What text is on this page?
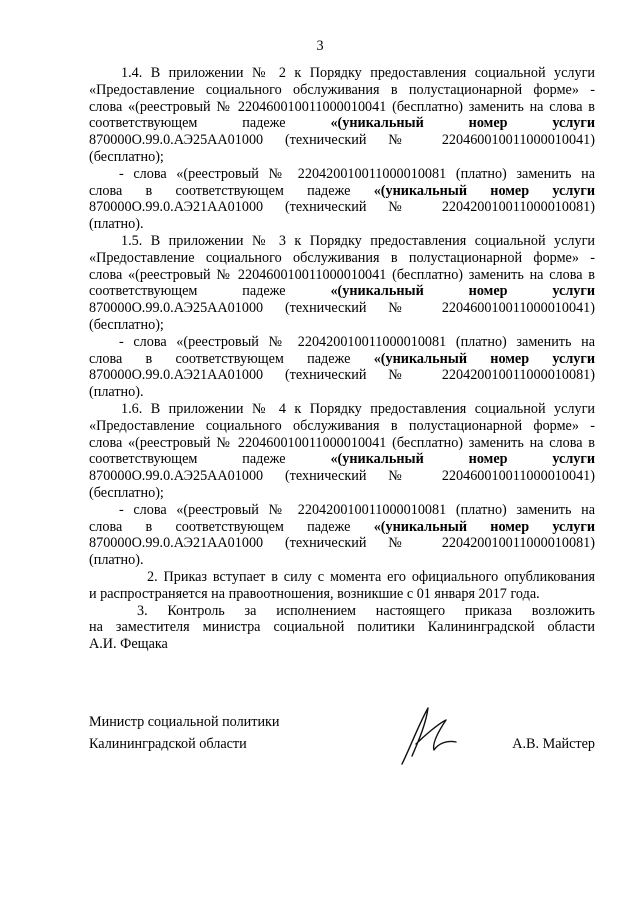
3
1.4. В приложении № 2 к Порядку предоставления социальной услуги
«Предоставление социального обслуживания в полустационарной форме» -
слова «(реестровый № 22046001001100001004​1 (бесплатно) заменить на слова в
соответствующем падеже «(уникальный	номер	услуги
870000О.99.0.АЭ25АА01000 (технический № 22046001001100001004​1)
(бесплатно);
- слова «(реестровый № 22042001001100001008​1 (платно) заменить на
слова в соответствующем падеже «(уникальный номер услуги
870000О.99.0.АЭ21АА01000 (технический № 22042001001100001008​1)
(платно).
1.5. В приложении № 3 к Порядку предоставления социальной услуги
«Предоставление социального обслуживания в полустационарной форме» -
слова «(реестровый № 22046001001100001004​1 (бесплатно) заменить на слова в
соответствующем падеже «(уникальный	номер	услуги
870000О.99.0.АЭ25АА01000 (технический № 22046001001100001004​1)
(бесплатно);
- слова «(реестровый № 22042001001100001008​1 (платно) заменить на
слова в соответствующем падеже «(уникальный номер услуги
870000О.99.0.АЭ21АА01000 (технический № 22042001001100001008​1)
(платно).
1.6. В приложении № 4 к Порядку предоставления социальной услуги
«Предоставление социального обслуживания в полустационарной форме» -
слова «(реестровый № 22046001001100001004​1 (бесплатно) заменить на слова в
соответствующем падеже «(уникальный	номер	услуги
870000О.99.0.АЭ25АА01000 (технический № 22046001001100001004​1)
(бесплатно);
- слова «(реестровый № 22042001001100001008​1 (платно) заменить на
слова в соответствующем падеже «(уникальный номер услуги
870000О.99.0.АЭ21АА01000 (технический № 22042001001100001008​1)
(платно).
2. Приказ вступает в силу с момента его официального опубликования
и распространяется на правоотношения, возникшие с 01 января 2017 года.
3. Контроль за исполнением настоящего приказа возложить
на заместителя министра социальной политики Калининградской области
А.И. Фещака
Министр социальной политики
Калининградской области	А.В. Майстер
